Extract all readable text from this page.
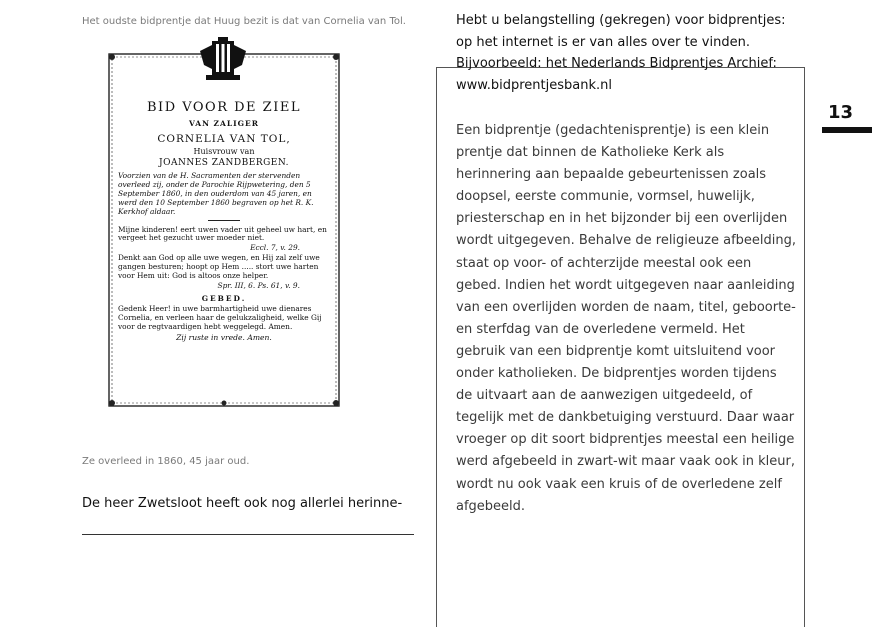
Het oudste bidprentje dat Huug bezit is dat van Cornelia van Tol.

BID VOOR DE ZIEL

VAN ZALIGER

CORNELIA VAN TOL,

Huisvrouw van

JOANNES ZANDBERGEN.

Voorzien van de H. Sacramenten der stervenden overleed zij, onder de Parochie Rijpwetering, den 5 September 1860, in den ouderdom van 45 jaren, en werd den 10 September 1860 begraven op het R. K. Kerkhof aldaar.

Mijne kinderen! eert uwen vader uit geheel uw hart, en vergeet het gezucht uwer moeder niet.

Eccl. 7, v. 29.

Denkt aan God op alle uwe wegen, en Hij zal zelf uwe gangen besturen; hoopt op Hem ..... stort uwe harten voor Hem uit: God is altoos onze helper.

Spr. III, 6. Ps. 61, v. 9.

GEBED.

Gedenk Heer! in uwe barmhartigheid uwe dienares Cornelia, en verleen haar de gelukzaligheid, welke Gij voor de regtvaardigen hebt weggelegd. Amen.

Zij ruste in vrede. Amen.

Ze overleed in 1860, 45 jaar oud.

De heer Zwetsloot heeft ook nog allerlei herinne-

Hebt u belangstelling (gekregen) voor bidprentjes: op het internet is er van alles over te vinden. Bijvoorbeeld: het Nederlands Bidprentjes Archief:
www.bidprentjesbank.nl

Een bidprentje (gedachtenisprentje) is een klein prentje dat binnen de Katholieke Kerk als herinnering aan bepaalde gebeurtenissen zoals doopsel, eerste communie, vormsel, huwelijk, priesterschap en in het bijzonder bij een overlijden wordt uitgegeven. Behalve de religieuze afbeelding, staat op voor- of achterzijde meestal ook een gebed. Indien het wordt uitgegeven naar aanleiding van een overlijden worden de naam, titel, geboorte- en sterfdag van de overledene vermeld. Het gebruik van een bidprentje komt uitsluitend voor onder katholieken. De bidprentjes worden tijdens de uitvaart aan de aanwezigen uitgedeeld, of tegelijk met de dankbetuiging verstuurd. Daar waar vroeger op dit soort bidprentjes meestal een heilige werd afgebeeld in zwart-wit maar vaak ook in kleur, wordt nu ook vaak een kruis of de overledene zelf afgebeeld.

13
